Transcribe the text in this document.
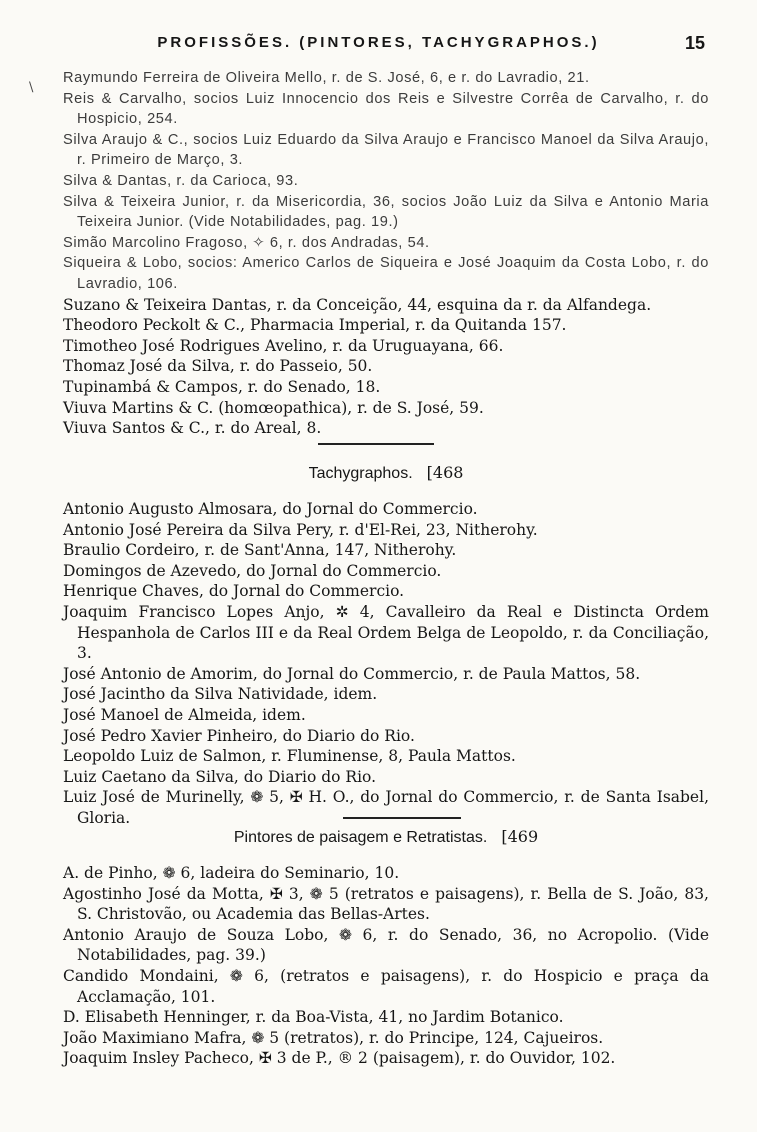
PROFISSÕES. (PINTORES, TACHYGRAPHOS.)	15
\
Raymundo Ferreira de Oliveira Mello, r. de S. José, 6, e r. do Lavradio, 21.
Reis & Carvalho, socios Luiz Innocencio dos Reis e Silvestre Corrêa de Carvalho, r. do Hospicio, 254.
Silva Araujo & C., socios Luiz Eduardo da Silva Araujo e Francisco Manoel da Silva Araujo, r. Primeiro de Março, 3.
Silva & Dantas, r. da Carioca, 93.
Silva & Teixeira Junior, r. da Misericordia, 36, socios João Luiz da Silva e Antonio Maria Teixeira Junior. (Vide Notabilidades, pag. 19.)
Simão Marcolino Fragoso, ✧ 6, r. dos Andradas, 54.
Siqueira & Lobo, socios: Americo Carlos de Siqueira e José Joaquim da Costa Lobo, r. do Lavradio, 106.
Suzano & Teixeira Dantas, r. da Conceição, 44, esquina da r. da Alfandega.
Theodoro Peckolt & C., Pharmacia Imperial, r. da Quitanda 157.
Timotheo José Rodrigues Avelino, r. da Uruguayana, 66.
Thomaz José da Silva, r. do Passeio, 50.
Tupinambá & Campos, r. do Senado, 18.
Viuva Martins & C. (homœopathica), r. de S. José, 59.
Viuva Santos & C., r. do Areal, 8.
Tachygraphos. [468
Antonio Augusto Almosara, do Jornal do Commercio.
Antonio José Pereira da Silva Pery, r. d'El-Rei, 23, Nitherohy.
Braulio Cordeiro, r. de Sant'Anna, 147, Nitherohy.
Domingos de Azevedo, do Jornal do Commercio.
Henrique Chaves, do Jornal do Commercio.
Joaquim Francisco Lopes Anjo, ✲ 4, Cavalleiro da Real e Distincta Ordem Hespanhola de Carlos III e da Real Ordem Belga de Leopoldo, r. da Conciliação, 3.
José Antonio de Amorim, do Jornal do Commercio, r. de Paula Mattos, 58.
José Jacintho da Silva Natividade, idem.
José Manoel de Almeida, idem.
José Pedro Xavier Pinheiro, do Diario do Rio.
Leopoldo Luiz de Salmon, r. Fluminense, 8, Paula Mattos.
Luiz Caetano da Silva, do Diario do Rio.
Luiz José de Murinelly, ❁ 5, ✠ H. O., do Jornal do Commercio, r. de Santa Isabel, Gloria.
Pintores de paisagem e Retratistas. [469
A. de Pinho, ❁ 6, ladeira do Seminario, 10.
Agostinho José da Motta, ✠ 3, ❁ 5 (retratos e paisagens), r. Bella de S. João, 83, S. Christovão, ou Academia das Bellas-Artes.
Antonio Araujo de Souza Lobo, ❁ 6, r. do Senado, 36, no Acropolio. (Vide Notabilidades, pag. 39.)
Candido Mondaini, ❁ 6, (retratos e paisagens), r. do Hospicio e praça da Acclamação, 101.
D. Elisabeth Henninger, r. da Boa-Vista, 41, no Jardim Botanico.
João Maximiano Mafra, ❁ 5 (retratos), r. do Principe, 124, Cajueiros.
Joaquim Insley Pacheco, ✠ 3 de P., ® 2 (paisagem), r. do Ouvidor, 102.
